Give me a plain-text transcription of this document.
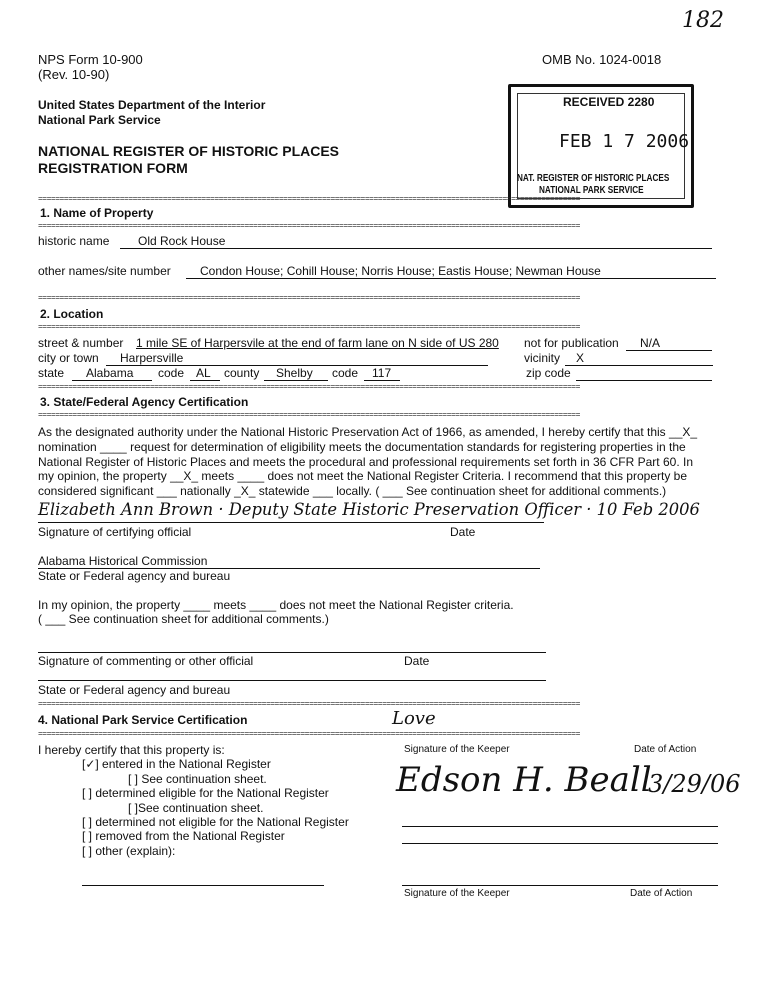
182
NPS Form 10-900
(Rev. 10-90)
OMB No. 1024-0018
United States Department of the Interior
National Park Service
NATIONAL REGISTER OF HISTORIC PLACES
REGISTRATION FORM
RECEIVED 2280
FEB 1 7 2006
NAT. REGISTER OF HISTORIC PLACES
NATIONAL PARK SERVICE
==============================================================================================================================
1. Name of Property
==============================================================================================================================
historic name Old Rock House
other names/site number Condon House; Cohill House; Norris House; Eastis House; Newman House
==============================================================================================================================
2. Location
==============================================================================================================================
street & number 1 mile SE of Harpersvile at the end of farm lane on N side of US 280 not for publication N/A
city or town Harpersville	vicinity X
state Alabama code AL county Shelby code 117	zip code
==============================================================================================================================
3. State/Federal Agency Certification
==============================================================================================================================
As the designated authority under the National Historic Preservation Act of 1966, as amended, I hereby certify that this __X_
nomination ____ request for determination of eligibility meets the documentation standards for registering properties in the
National Register of Historic Places and meets the procedural and professional requirements set forth in 36 CFR Part 60. In
my opinion, the property __X_ meets ____ does not meet the National Register Criteria. I recommend that this property be
considered significant ___ nationally _X_ statewide ___ locally. ( ___ See continuation sheet for additional comments.)
Elizabeth Ann Brown · Deputy State Historic Preservation Officer · 10 Feb 2006
Signature of certifying official	Date
Alabama Historical Commission
State or Federal agency and bureau
In my opinion, the property ____ meets ____ does not meet the National Register criteria.
( ___ See continuation sheet for additional comments.)
Signature of commenting or other official	Date
State or Federal agency and bureau
==============================================================================================================================
4. National Park Service Certification
==============================================================================================================================
Love
I hereby certify that this property is:
[✓] entered in the National Register
[ ] See continuation sheet.
[ ] determined eligible for the National Register
[ ]See continuation sheet.
[ ] determined not eligible for the National Register
[ ] removed from the National Register
[ ] other (explain):
Signature of the Keeper	Date of Action
Edson H. Beall
3/29/06
Signature of the Keeper	Date of Action
